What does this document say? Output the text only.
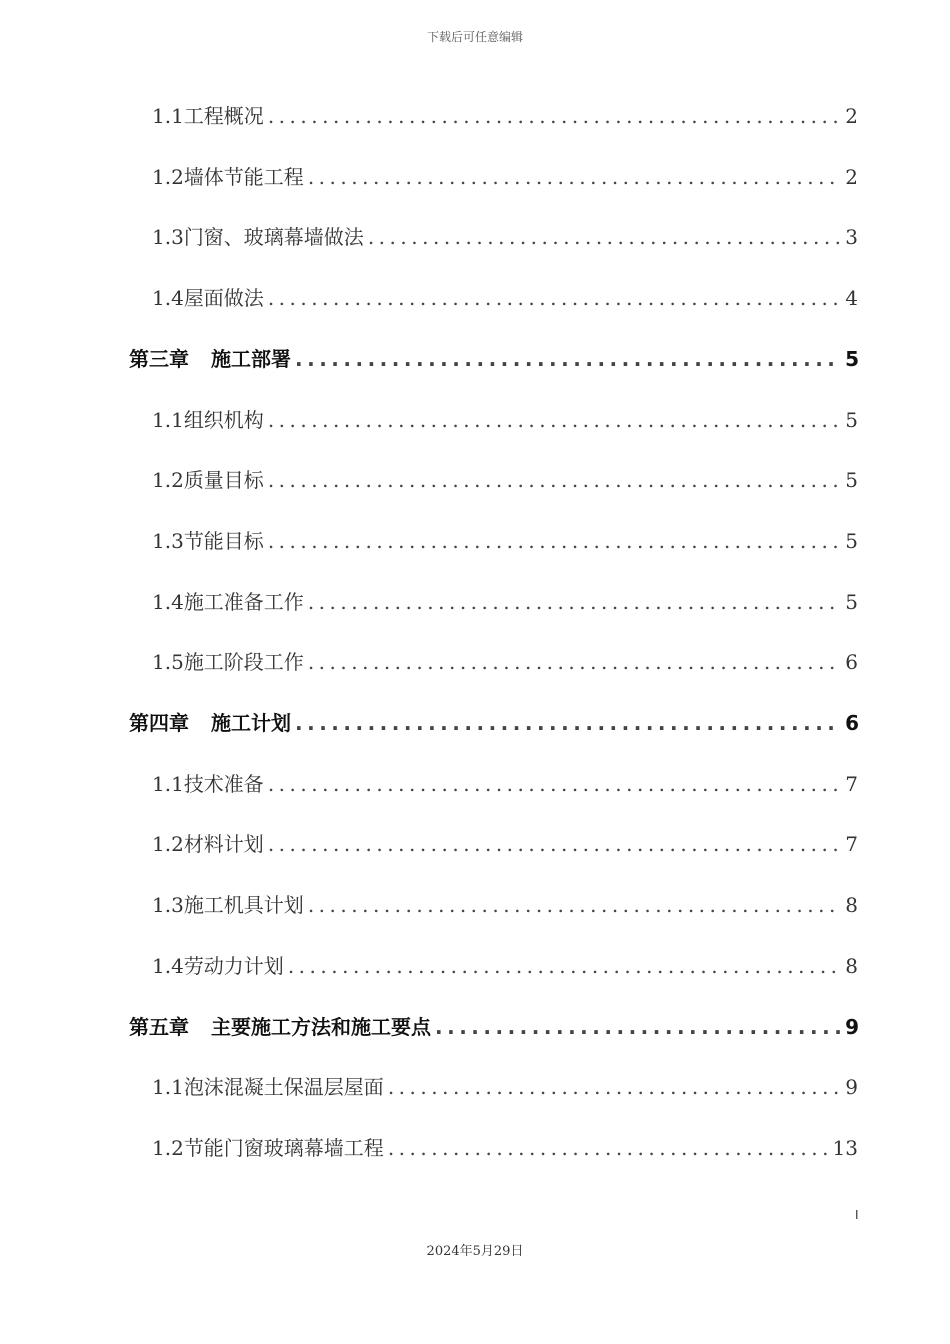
下载后可任意编辑
1.1 工程概况 .....	2
1.2 墙体节能工程 .....	2
1.3 门窗、玻璃幕墙做法 .....	3
1.4 屋面做法 .....	4
第三章 施工部署 .....	5
1.1 组织机构 .....	5
1.2 质量目标 .....	5
1.3 节能目标 .....	5
1.4 施工准备工作 .....	5
1.5 施工阶段工作 .....	6
第四章 施工计划 .....	6
1.1 技术准备 .....	7
1.2 材料计划 .....	7
1.3 施工机具计划 .....	8
1.4 劳动力计划 .....	8
第五章 主要施工方法和施工要点 .....	9
1.1 泡沫混凝土保温层屋面 .....	9
1.2 节能门窗玻璃幕墙工程 .....	13
I
2024年5月29日
